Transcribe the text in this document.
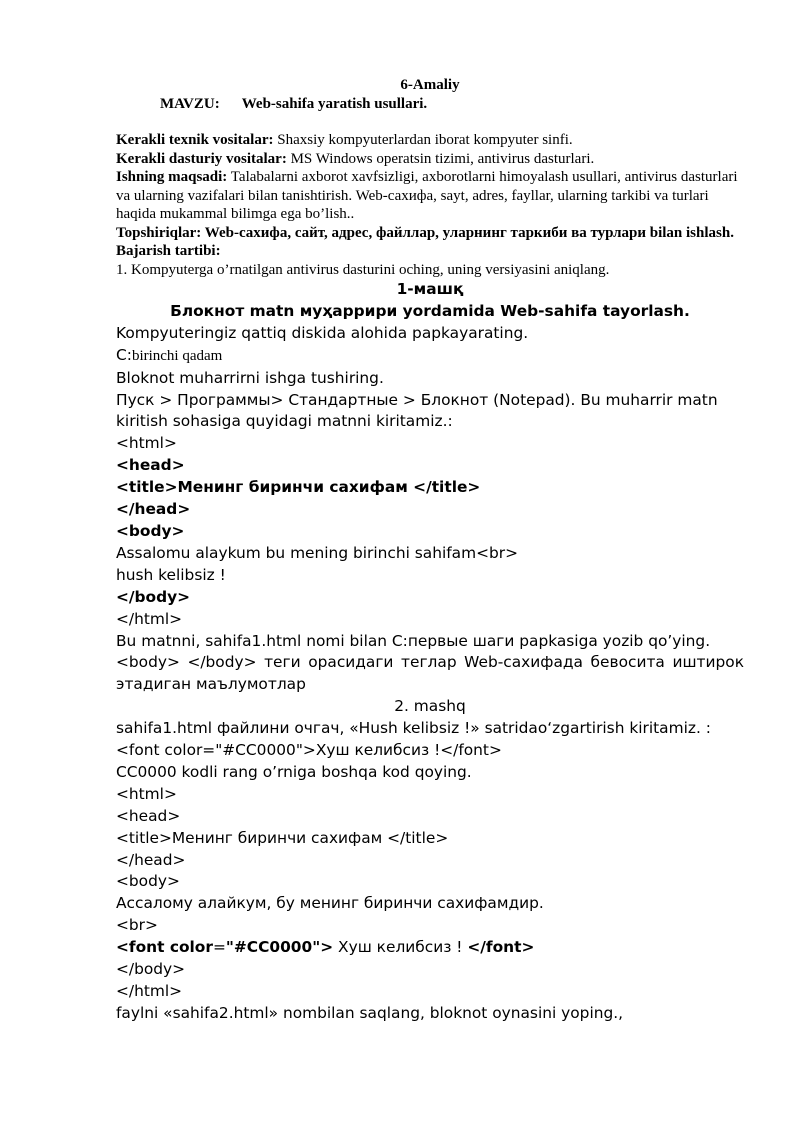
6-Amaliy

MAVZU: Web-sahifa yaratish usullari.

Kerakli texnik vositalar: Shaxsiy kompyuterlardan iborat kompyuter sinfi.

Kerakli dasturiy vositalar: MS Windows operatsin tizimi, antivirus dasturlari.

Ishning maqsadi: Talabalarni axborot xavfsizligi, axborotlarni himoyalash usullari, antivirus dasturlari va ularning vazifalari bilan tanishtirish. Web-сахифа, sayt, adres, fayllar, ularning tarkibi va turlari haqida mukammal bilimga ega bo’lish..

Topshiriqlar: Web-сахифа, сайт, адрес, файллар, уларнинг таркиби ва турлари bilan ishlash.

Bajarish tartibi:

1. Kompyuterga o’rnatilgan antivirus dasturini oching, uning versiyasini aniqlang.

1-машқ

Блокнот matn муҳаррири yordamida Web-sahifa tayorlash.

Kompyuteringiz qattiq diskida alohida papkayarating.

C:birinchi qadam

Bloknot muharrirni ishga tushiring.

Пуск > Программы> Стандартные > Блокнот (Notepad). Bu muharrir matn kiritish sohasiga quyidagi matnni kiritamiz.:

<html>

<head>

<title>Менинг биринчи сахифам </title>

</head>

<body>

Assalomu alaykum bu mening birinchi sahifam<br>

hush kelibsiz !

</body>

</html>

Bu matnni, sahifa1.html nomi bilan C:первые шаги papkasiga yozib qo’ying.

<body> </body> теги орасидаги теглар Web-сахифада бевосита иштирок

этадиган маълумотлар

2. mashq

sahifa1.html файлини очгач, «Hush kelibsiz !» satridaо‘zgartirish kiritamiz. :

<font color="#CC0000">Хуш келибсиз !</font>

CC0000 kodli rang o’rniga boshqa kod qoying.

<html>

<head>

<title>Менинг биринчи сахифам </title>

</head>

<body>

Ассалому алайкум, бу менинг биринчи сахифамдир.

<br>

<font color="#CC0000"> Хуш келибсиз ! </font>

</body>

</html>

faylni «sahifa2.html» nombilan saqlang, bloknot oynasini yoping.,
